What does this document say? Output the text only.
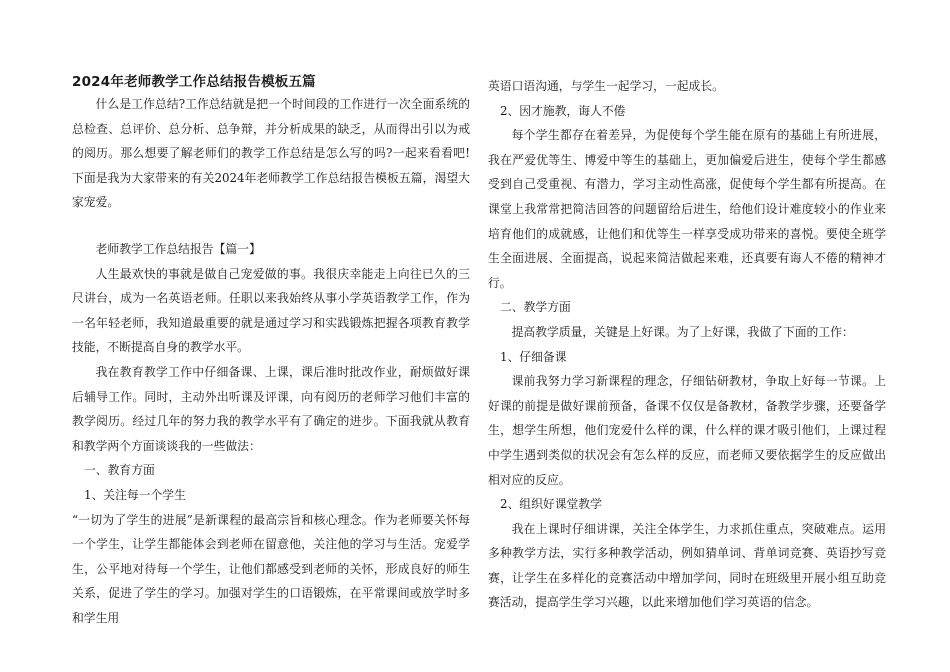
2024年老师教学工作总结报告模板五篇

什么是工作总结?工作总结就是把一个时间段的工作进行一次全面系统的总检查、总评价、总分析、总争辩，并分析成果的缺乏，从而得出引以为戒的阅历。那么想要了解老师们的教学工作总结是怎么写的吗?一起来看看吧!下面是我为大家带来的有关2024年老师教学工作总结报告模板五篇，渴望大家宠爱。

老师教学工作总结报告【篇一】

人生最欢快的事就是做自己宠爱做的事。我很庆幸能走上向往已久的三尺讲台，成为一名英语老师。任职以来我始终从事小学英语教学工作，作为一名年轻老师，我知道最重要的就是通过学习和实践锻炼把握各项教育教学技能，不断提高自身的教学水平。

我在教育教学工作中仔细备课、上课，课后准时批改作业，耐烦做好课后辅导工作。同时，主动外出听课及评课，向有阅历的老师学习他们丰富的教学阅历。经过几年的努力我的教学水平有了确定的进步。下面我就从教育和教学两个方面谈谈我的一些做法：

一、教育方面

1、关注每一个学生

“一切为了学生的进展”是新课程的最高宗旨和核心理念。作为老师要关怀每一个学生，让学生都能体会到老师在留意他，关注他的学习与生活。宠爱学生，公平地对待每一个学生，让他们都感受到老师的关怀，形成良好的师生关系，促进了学生的学习。加强对学生的口语锻炼，在平常课间或放学时多和学生用

英语口语沟通，与学生一起学习，一起成长。

2、因才施教，诲人不倦

每个学生都存在着差异，为促使每个学生能在原有的基础上有所进展，我在严爱优等生、博爱中等生的基础上，更加偏爱后进生，使每个学生都感受到自己受重视、有潜力，学习主动性高涨，促使每个学生都有所提高。在课堂上我常常把简洁回答的问题留给后进生，给他们设计难度较小的作业来培育他们的成就感，让他们和优等生一样享受成功带来的喜悦。要使全班学生全面进展、全面提高，说起来简洁做起来难，还真要有诲人不倦的精神才行。

二、教学方面

提高教学质量，关键是上好课。为了上好课，我做了下面的工作：

1、仔细备课

课前我努力学习新课程的理念，仔细钻研教材，争取上好每一节课。上好课的前提是做好课前预备，备课不仅仅是备教材，备教学步骤，还要备学生，想学生所想，他们宠爱什么样的课，什么样的课才吸引他们，上课过程中学生遇到类似的状况会有怎么样的反应，而老师又要依据学生的反应做出相对应的反应。

2、组织好课堂教学

我在上课时仔细讲课，关注全体学生，力求抓住重点，突破难点。运用多种教学方法，实行多种教学活动，例如猜单词、背单词竞赛、英语抄写竞赛，让学生在多样化的竞赛活动中增加学问，同时在班级里开展小组互助竞赛活动，提高学生学习兴趣，以此来增加他们学习英语的信念。
